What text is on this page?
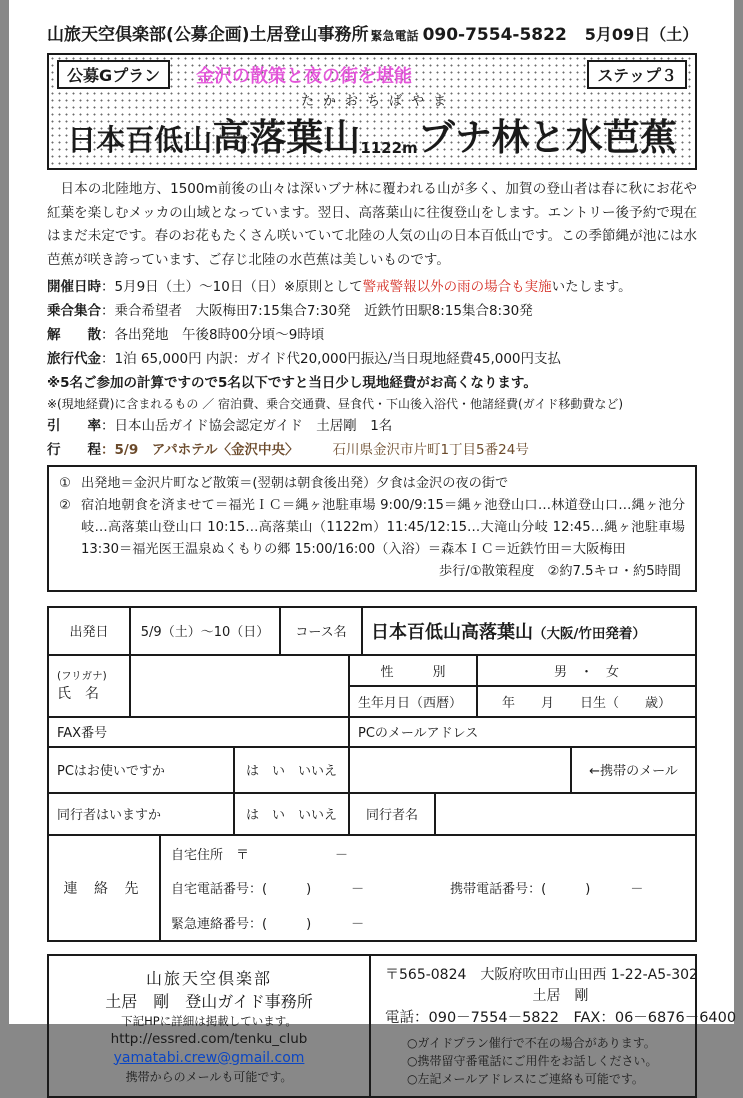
山旅天空倶楽部(公募企画)土居登山事務所 緊急電話 090-7554-5822 5月09日（土）
公募Gプラン	金沢の散策と夜の街を堪能	ステップ３
たかおちばやま
日本百低山 高落葉山 1122m ブナ林と水芭蕉

日本の北陸地方、1500m前後の山々は深いブナ林に覆われる山が多く、加賀の登山者は春に秋にお花や紅葉を楽しむメッカの山域となっています。翌日、高落葉山に往復登山をします。エントリー後予約で現在はまだ未定です。春のお花もたくさん咲いていて北陸の人気の山の日本百低山です。この季節縄が池には水芭蕉が咲き誇っています、ご存じ北陸の水芭蕉は美しいものです。

開催日時：5月9日（土）～10日（日）※原則として警戒警報以外の雨の場合も実施いたします。
乗合集合：乗合希望者　大阪梅田7:15集合7:30発　近鉄竹田駅8:15集合8:30発
解　　散：各出発地　午後8時00分頃～9時頃
旅行代金：1泊 65,000円 内訳：ガイド代20,000円振込/当日現地経費45,000円支払
※5名ご参加の計算ですので5名以下ですと当日少し現地経費がお高くなります。
※(現地経費)に含まれるもの ／ 宿泊費、乗合交通費、昼食代・下山後入浴代・他諸経費(ガイド移動費など)
引　　率：日本山岳ガイド協会認定ガイド　土居剛　1名
行　　程：5/9　アパホテル〈金沢中央〉	石川県金沢市片町1丁目5番24号
① 出発地＝金沢片町など散策＝(翌朝は朝食後出発）夕食は金沢の夜の街で
② 宿泊地朝食を済ませて＝福光ＩＣ＝縄ヶ池駐車場 9:00/9:15＝縄ヶ池登山口…林道登山口…縄ヶ池分岐…高落葉山登山口 10:15…高落葉山（1122m）11:45/12:15…大滝山分岐 12:45…縄ヶ池駐車場 13:30＝福光医王温泉ぬくもりの郷 15:00/16:00（入浴）＝森本ＩＣ＝近鉄竹田＝大阪梅田
歩行/①散策程度　②約7.5キロ・約5時間
出発日	5/9（土）～10（日）	コース名	日本百低山高落葉山（大阪/竹田発着）
(フリガナ)
氏　名
性　　　別	男　・　女
生年月日（西暦）	年　　月　　日生（　　歳）
FAX番号	PCのメールアドレス
PCはお使いですか	は　い　いいえ	←携帯のメール
同行者はいますか	は　い　いいえ	同行者名
連 絡 先
自宅住所　〒	－
自宅電話番号：(　　　)	－	携帯電話番号：(　　　)	－
緊急連絡番号：(　　　)	－
山旅天空倶楽部
土居　剛　登山ガイド事務所
下記HPに詳細は掲載しています。
http://essred.com/tenku_club
yamatabi.crew@gmail.com
携帯からのメールも可能です。
〒565-0824　大阪府吹田市山田西 1-22-A5-302
土居　剛
電話：090－7554－5822　FAX：06－6876－6400
○ガイドプラン催行で不在の場合があります。
○携帯留守番電話にご用件をお話しください。
○左記メールアドレスにご連絡も可能です。
